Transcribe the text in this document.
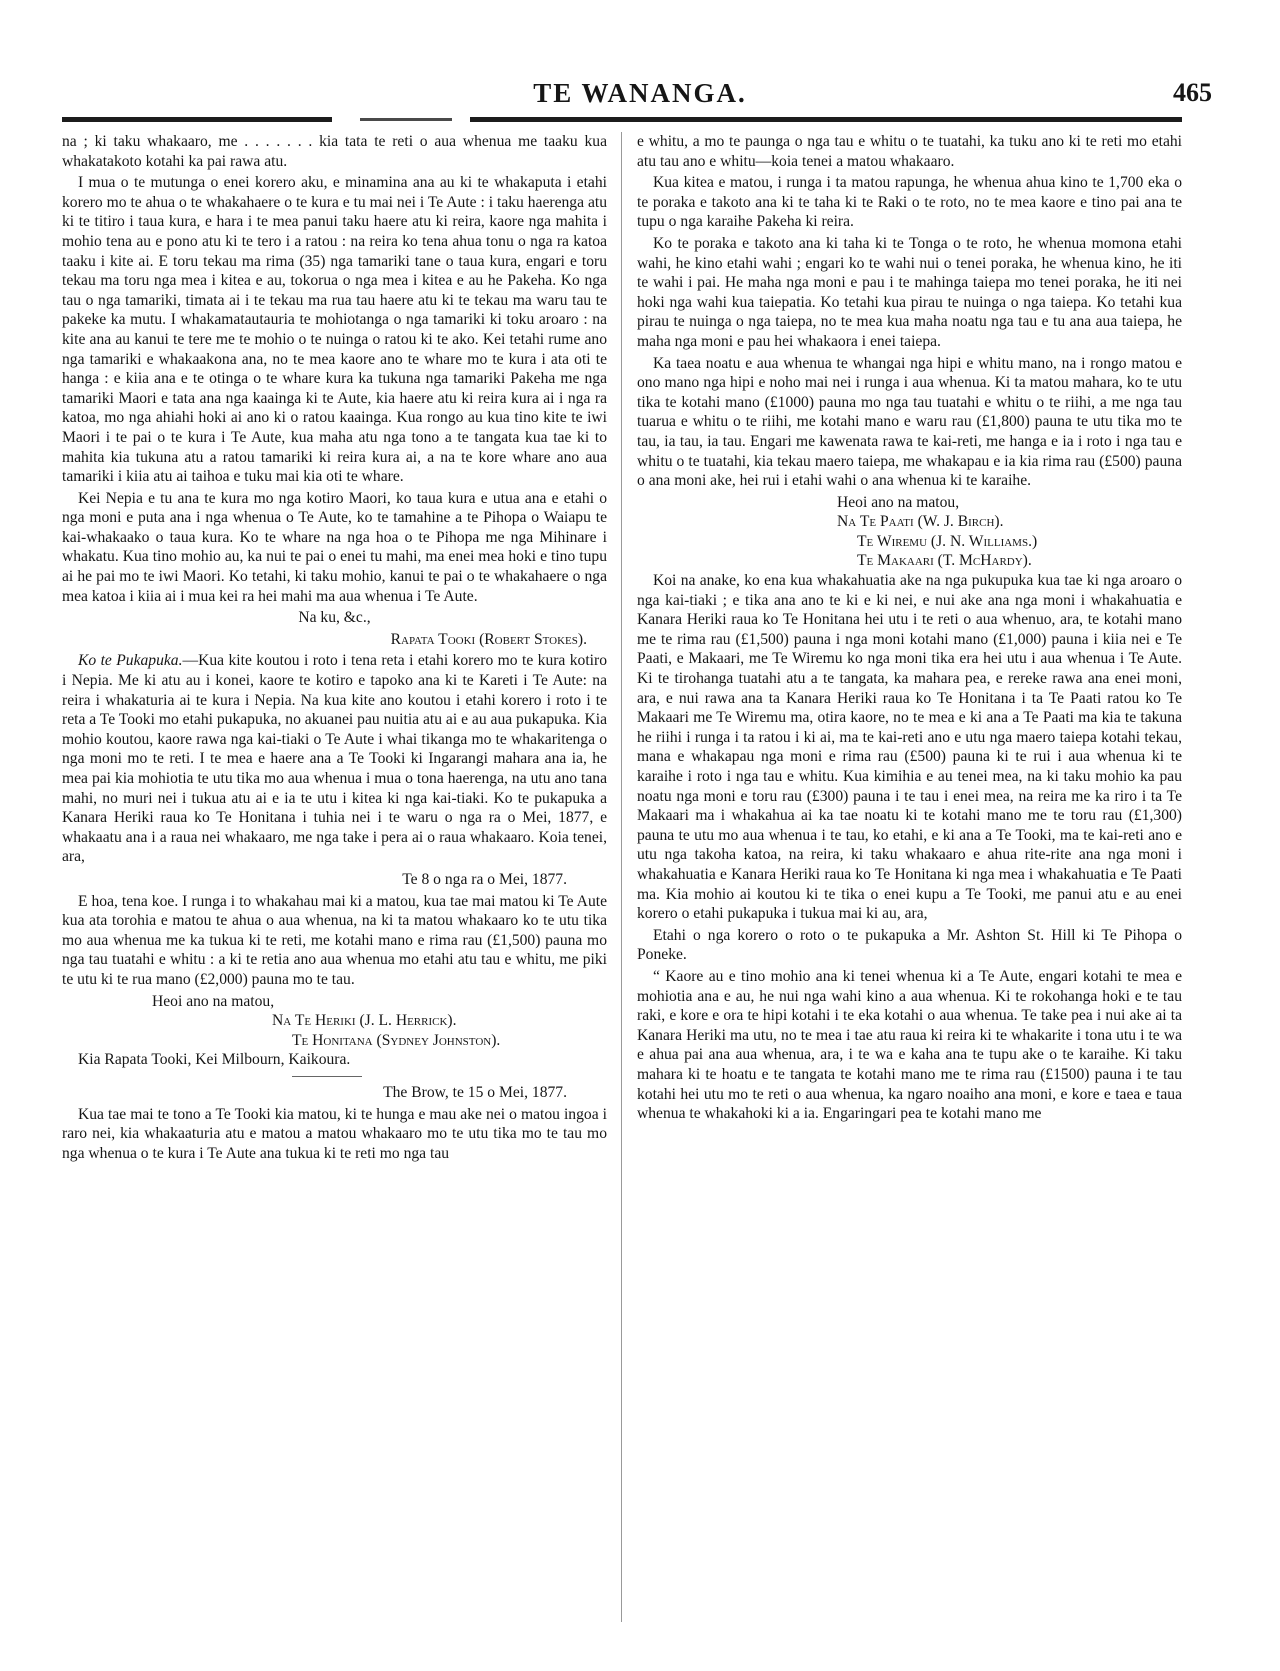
TE WANANGA.	465

na ; ki taku whakaaro, me . . . . . . . kia tata te reti o aua whenua me taaku kua whakatakoto kotahi ka pai rawa atu.

I mua o te mutunga o enei korero aku, e minamina ana au ki te whakaputa i etahi korero mo te ahua o te whakahaere o te kura e tu mai nei i Te Aute : i taku haerenga atu ki te titiro i taua kura, e hara i te mea panui taku haere atu ki reira, kaore nga mahita i mohio tena au e pono atu ki te tero i a ratou : na reira ko tena ahua tonu o nga ra katoa taaku i kite ai. E toru tekau ma rima (35) nga tamariki tane o taua kura, engari e toru tekau ma toru nga mea i kitea e au, tokorua o nga mea i kitea e au he Pakeha. Ko nga tau o nga tamariki, timata ai i te tekau ma rua tau haere atu ki te tekau ma waru tau te pakeke ka mutu. I whakamatautauria te mohiotanga o nga tamariki ki toku aroaro : na kite ana au kanui te tere me te mohio o te nuinga o ratou ki te ako. Kei tetahi rume ano nga tamariki e whakaakona ana, no te mea kaore ano te whare mo te kura i ata oti te hanga : e kiia ana e te otinga o te whare kura ka tukuna nga tamariki Pakeha me nga tamariki Maori e tata ana nga kaainga ki te Aute, kia haere atu ki reira kura ai i nga ra katoa, mo nga ahiahi hoki ai ano ki o ratou kaainga. Kua rongo au kua tino kite te iwi Maori i te pai o te kura i Te Aute, kua maha atu nga tono a te tangata kua tae ki to mahita kia tukuna atu a ratou tamariki ki reira kura ai, a na te kore whare ano aua tamariki i kiia atu ai taihoa e tuku mai kia oti te whare.

Kei Nepia e tu ana te kura mo nga kotiro Maori, ko taua kura e utua ana e etahi o nga moni e puta ana i nga whenua o Te Aute, ko te tamahine a te Pihopa o Waiapu te kai-whakaako o taua kura. Ko te whare na nga hoa o te Pihopa me nga Mihinare i whakatu. Kua tino mohio au, ka nui te pai o enei tu mahi, ma enei mea hoki e tino tupu ai he pai mo te iwi Maori. Ko tetahi, ki taku mohio, kanui te pai o te whakahaere o nga mea katoa i kiia ai i mua kei ra hei mahi ma aua whenua i Te Aute.

Na ku, &c.,

Rapata Tooki (Robert Stokes).

Ko te Pukapuka.—Kua kite koutou i roto i tena reta i etahi korero mo te kura kotiro i Nepia. Me ki atu au i konei, kaore te kotiro e tapoko ana ki te Kareti i Te Aute: na reira i whakaturia ai te kura i Nepia. Na kua kite ano koutou i etahi korero i roto i te reta a Te Tooki mo etahi pukapuka, no akuanei pau nuitia atu ai e au aua pukapuka. Kia mohio koutou, kaore rawa nga kai-tiaki o Te Aute i whai tikanga mo te whakaritenga o nga moni mo te reti. I te mea e haere ana a Te Tooki ki Ingarangi mahara ana ia, he mea pai kia mohiotia te utu tika mo aua whenua i mua o tona haerenga, na utu ano tana mahi, no muri nei i tukua atu ai e ia te utu i kitea ki nga kai-tiaki. Ko te pukapuka a Kanara Heriki raua ko Te Honitana i tuhia nei i te waru o nga ra o Mei, 1877, e whakaatu ana i a raua nei whakaaro, me nga take i pera ai o raua whakaaro. Koia tenei, ara,

Te 8 o nga ra o Mei, 1877.

E hoa, tena koe. I runga i to whakahau mai ki a matou, kua tae mai matou ki Te Aute kua ata torohia e matou te ahua o aua whenua, na ki ta matou whakaaro ko te utu tika mo aua whenua me ka tukua ki te reti, me kotahi mano e rima rau (£1,500) pauna mo nga tau tuatahi e whitu : a ki te retia ano aua whenua mo etahi atu tau e whitu, me piki te utu ki te rua mano (£2,000) pauna mo te tau.

Heoi ano na matou,

Na Te Heriki (J. L. Herrick).

Te Honitana (Sydney Johnston).

Kia Rapata Tooki, Kei Milbourn, Kaikoura.

The Brow, te 15 o Mei, 1877.

Kua tae mai te tono a Te Tooki kia matou, ki te hunga e mau ake nei o matou ingoa i raro nei, kia whakaaturia atu e matou a matou whakaaro mo te utu tika mo te tau mo nga whenua o te kura i Te Aute ana tukua ki te reti mo nga tau

e whitu, a mo te paunga o nga tau e whitu o te tuatahi, ka tuku ano ki te reti mo etahi atu tau ano e whitu—koia tenei a matou whakaaro.

Kua kitea e matou, i runga i ta matou rapunga, he whenua ahua kino te 1,700 eka o te poraka e takoto ana ki te taha ki te Raki o te roto, no te mea kaore e tino pai ana te tupu o nga karaihe Pakeha ki reira.

Ko te poraka e takoto ana ki taha ki te Tonga o te roto, he whenua momona etahi wahi, he kino etahi wahi ; engari ko te wahi nui o tenei poraka, he whenua kino, he iti te wahi i pai. He maha nga moni e pau i te mahinga taiepa mo tenei poraka, he iti nei hoki nga wahi kua taiepatia. Ko tetahi kua pirau te nuinga o nga taiepa. Ko tetahi kua pirau te nuinga o nga taiepa, no te mea kua maha noatu nga tau e tu ana aua taiepa, he maha nga moni e pau hei whakaora i enei taiepa.

Ka taea noatu e aua whenua te whangai nga hipi e whitu mano, na i rongo matou e ono mano nga hipi e noho mai nei i runga i aua whenua. Ki ta matou mahara, ko te utu tika te kotahi mano (£1000) pauna mo nga tau tuatahi e whitu o te riihi, a me nga tau tuarua e whitu o te riihi, me kotahi mano e waru rau (£1,800) pauna te utu tika mo te tau, ia tau, ia tau. Engari me kawenata rawa te kai-reti, me hanga e ia i roto i nga tau e whitu o te tuatahi, kia tekau maero taiepa, me whakapau e ia kia rima rau (£500) pauna o ana moni ake, hei rui i etahi wahi o ana whenua ki te karaihe.

Heoi ano na matou,

Na Te Paati (W. J. Birch).

Te Wiremu (J. N. Williams.)

Te Makaari (T. McHardy).

Koi na anake, ko ena kua whakahuatia ake na nga pukupuka kua tae ki nga aroaro o nga kai-tiaki ; e tika ana ano te ki e ki nei, e nui ake ana nga moni i whakahuatia e Kanara Heriki raua ko Te Honitana hei utu i te reti o aua whenuo, ara, te kotahi mano me te rima rau (£1,500) pauna i nga moni kotahi mano (£1,000) pauna i kiia nei e Te Paati, e Makaari, me Te Wiremu ko nga moni tika era hei utu i aua whenua i Te Aute. Ki te tirohanga tuatahi atu a te tangata, ka mahara pea, e rereke rawa ana enei moni, ara, e nui rawa ana ta Kanara Heriki raua ko Te Honitana i ta Te Paati ratou ko Te Makaari me Te Wiremu ma, otira kaore, no te mea e ki ana a Te Paati ma kia te takuna he riihi i runga i ta ratou i ki ai, ma te kai-reti ano e utu nga maero taiepa kotahi tekau, mana e whakapau nga moni e rima rau (£500) pauna ki te rui i aua whenua ki te karaihe i roto i nga tau e whitu. Kua kimihia e au tenei mea, na ki taku mohio ka pau noatu nga moni e toru rau (£300) pauna i te tau i enei mea, na reira me ka riro i ta Te Makaari ma i whakahua ai ka tae noatu ki te kotahi mano me te toru rau (£1,300) pauna te utu mo aua whenua i te tau, ko etahi, e ki ana a Te Tooki, ma te kai-reti ano e utu nga takoha katoa, na reira, ki taku whakaaro e ahua rite-rite ana nga moni i whakahuatia e Kanara Heriki raua ko Te Honitana ki nga mea i whakahuatia e Te Paati ma. Kia mohio ai koutou ki te tika o enei kupu a Te Tooki, me panui atu e au enei korero o etahi pukapuka i tukua mai ki au, ara,

Etahi o nga korero o roto o te pukapuka a Mr. Ashton St. Hill ki Te Pihopa o Poneke.

“ Kaore au e tino mohio ana ki tenei whenua ki a Te Aute, engari kotahi te mea e mohiotia ana e au, he nui nga wahi kino a aua whenua. Ki te rokohanga hoki e te tau raki, e kore e ora te hipi kotahi i te eka kotahi o aua whenua. Te take pea i nui ake ai ta Kanara Heriki ma utu, no te mea i tae atu raua ki reira ki te whakarite i tona utu i te wa e ahua pai ana aua whenua, ara, i te wa e kaha ana te tupu ake o te karaihe. Ki taku mahara ki te hoatu e te tangata te kotahi mano me te rima rau (£1500) pauna i te tau kotahi hei utu mo te reti o aua whenua, ka ngaro noaiho ana moni, e kore e taea e taua whenua te whakahoki ki a ia. Engaringari pea te kotahi mano me
